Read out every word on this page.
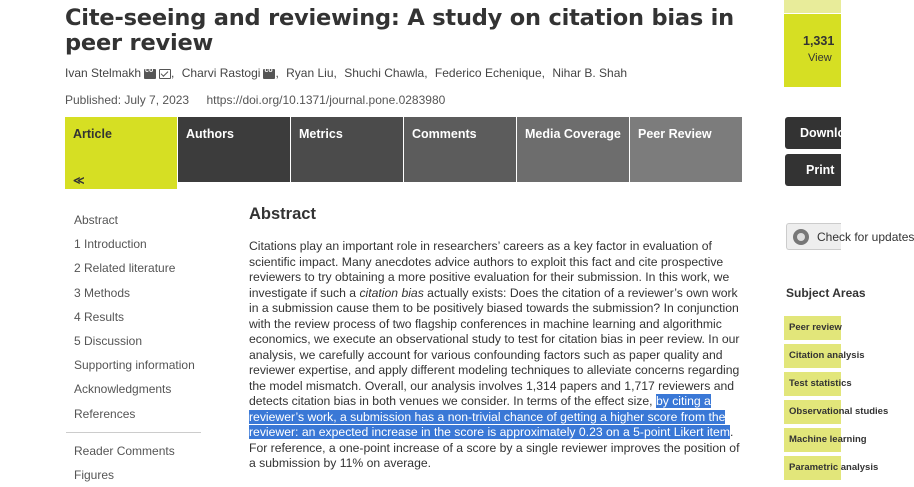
Cite-seeing and reviewing: A study on citation bias in peer review
Ivan Stelmakh co	,
Charvi Rastogi co ,
Ryan Liu ,
Shuchi Chawla ,
Federico Echenique ,
Nihar B. Shah
Published: July 7, 2023 https://doi.org/10.1371/journal.pone.0283980
Article
≪
Authors	Metrics	Comments	Media Coverage	Peer Review
Abstract
1 Introduction
2 Related literature
3 Methods
4 Results
5 Discussion
Supporting information
Acknowledgments
References
Reader Comments
Figures
Abstract

Citations play an important role in researchers’ careers as a key factor in evaluation of scientific impact. Many anecdotes advice authors to exploit this fact and cite prospective reviewers to try obtaining a more positive evaluation for their submission. In this work, we investigate if such a citation bias actually exists: Does the citation of a reviewer’s own work in a submission cause them to be positively biased towards the submission? In conjunction with the review process of two flagship conferences in machine learning and algorithmic economics, we execute an observational study to test for citation bias in peer review. In our analysis, we carefully account for various confounding factors such as paper quality and reviewer expertise, and apply different modeling techniques to alleviate concerns regarding the model mismatch. Overall, our analysis involves 1,314 papers and 1,717 reviewers and detects citation bias in both venues we consider. In terms of the effect size, by citing a reviewer’s work, a submission has a non-trivial chance of getting a higher score from the reviewer: an expected increase in the score is approximately 0.23 on a 5-point Likert item. For reference, a one-point increase of a score by a single reviewer improves the position of a submission by 11% on average.

1,331
View
Download
Print
Check for updates
Subject Areas
Peer review
Citation analysis
Test statistics
Observational studies
Machine learning
Parametric analysis
